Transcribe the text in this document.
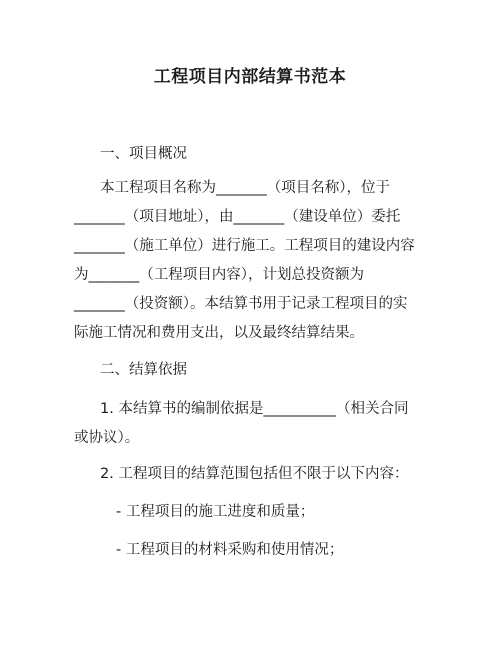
工程项目内部结算书范本
一、项目概况
本工程项目名称为_______（项目名称），位于
_______（项目地址），由_______（建设单位）委托
_______（施工单位）进行施工。工程项目的建设内容
为_______（工程项目内容），计划总投资额为
_______（投资额）。本结算书用于记录工程项目的实
际施工情况和费用支出，以及最终结算结果。
二、结算依据
1. 本结算书的编制依据是__________（相关合同
或协议）。
2. 工程项目的结算范围包括但不限于以下内容：
- 工程项目的施工进度和质量；
- 工程项目的材料采购和使用情况；
